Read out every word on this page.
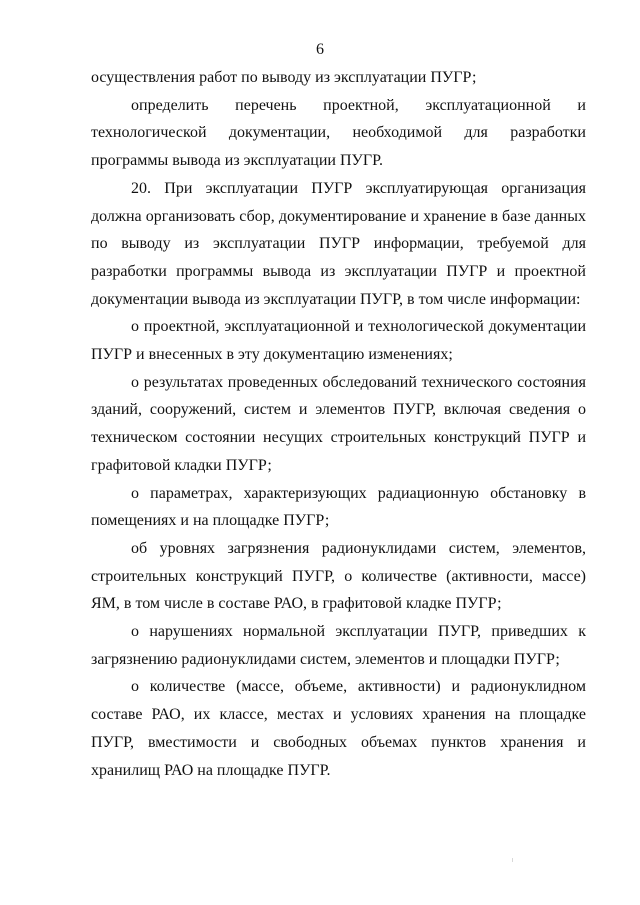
6

осуществления работ по выводу из эксплуатации ПУГР;

определить перечень проектной, эксплуатационной и технологической документации, необходимой для разработки программы вывода из эксплуатации ПУГР.

20. При эксплуатации ПУГР эксплуатирующая организация должна организовать сбор, документирование и хранение в базе данных по выводу из эксплуатации ПУГР информации, требуемой для разработки программы вывода из эксплуатации ПУГР и проектной документации вывода из эксплуатации ПУГР, в том числе информации:

о проектной, эксплуатационной и технологической документации ПУГР и внесенных в эту документацию изменениях;

о результатах проведенных обследований технического состояния зданий, сооружений, систем и элементов ПУГР, включая сведения о техническом состоянии несущих строительных конструкций ПУГР и графитовой кладки ПУГР;

о параметрах, характеризующих радиационную обстановку в помещениях и на площадке ПУГР;

об уровнях загрязнения радионуклидами систем, элементов, строительных конструкций ПУГР, о количестве (активности, массе) ЯМ, в том числе в составе РАО, в графитовой кладке ПУГР;

о нарушениях нормальной эксплуатации ПУГР, приведших к загрязнению радионуклидами систем, элементов и площадки ПУГР;

о количестве (массе, объеме, активности) и радионуклидном составе РАО, их классе, местах и условиях хранения на площадке ПУГР, вместимости и свободных объемах пунктов хранения и хранилищ РАО на площадке ПУГР.
